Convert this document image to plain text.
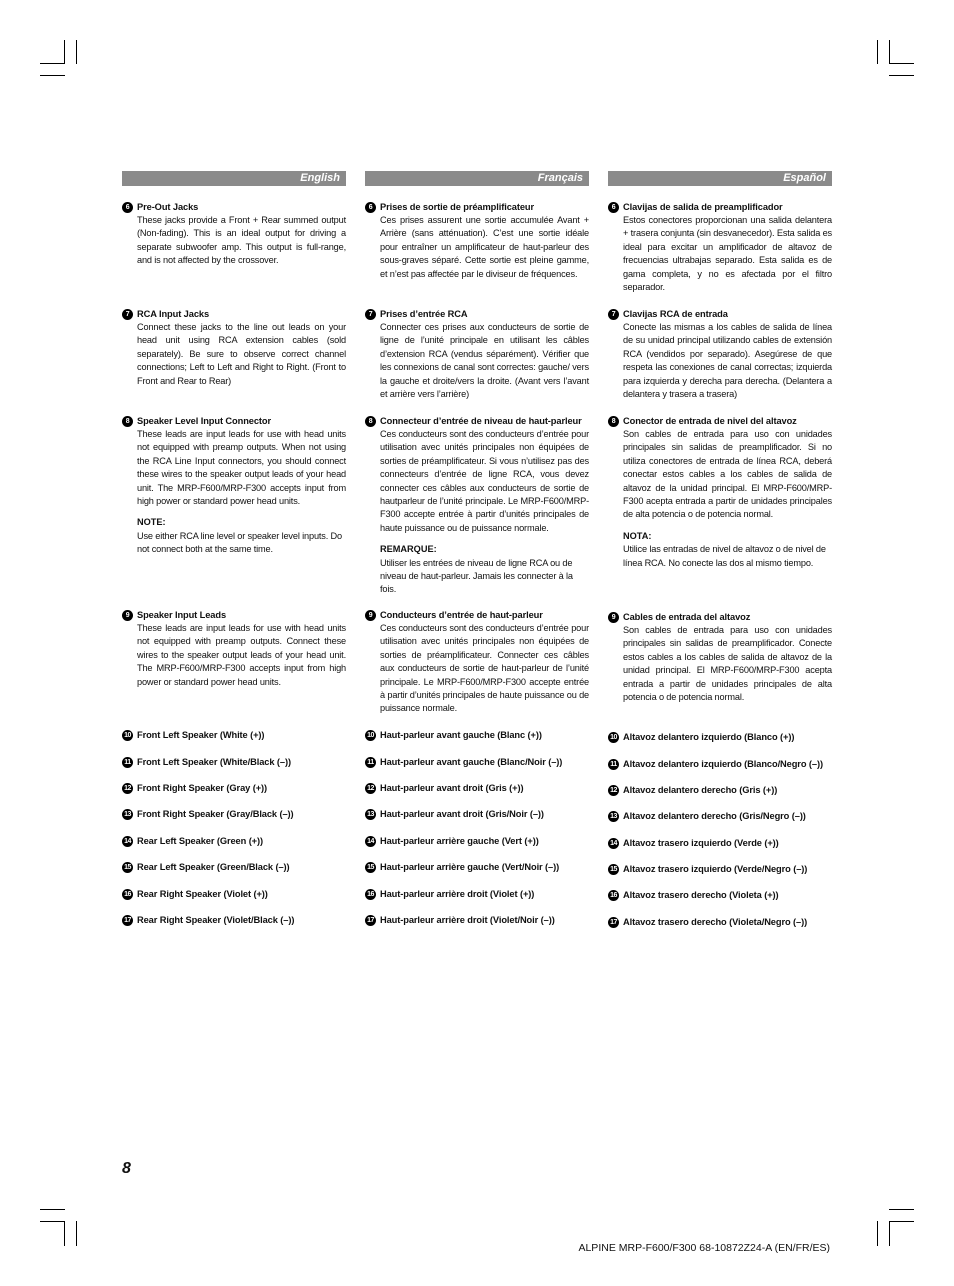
English
6 Pre-Out Jacks
These jacks provide a Front + Rear summed output (Non-fading). This is an ideal output for driving a separate subwoofer amp. This output is full-range, and is not affected by the crossover.
7 RCA Input Jacks
Connect these jacks to the line out leads on your head unit using RCA extension cables (sold separately). Be sure to observe correct channel connections; Left to Left and Right to Right. (Front to Front and Rear to Rear)
8 Speaker Level Input Connector
These leads are input leads for use with head units not equipped with preamp outputs. When not using the RCA Line Input connectors, you should connect these wires to the speaker output leads of your head unit. The MRP-F600/MRP-F300 accepts input from high power or standard power head units.
NOTE:
Use either RCA line level or speaker level inputs. Do not connect both at the same time.
9 Speaker Input Leads
These leads are input leads for use with head units not equipped with preamp outputs. Connect these wires to the speaker output leads of your head unit. The MRP-F600/MRP-F300 accepts input from high power or standard power head units.
10 Front Left Speaker (White (+))
11 Front Left Speaker (White/Black (–))
12 Front Right Speaker (Gray (+))
13 Front Right Speaker (Gray/Black (–))
14 Rear Left Speaker (Green (+))
15 Rear Left Speaker (Green/Black (–))
16 Rear Right Speaker (Violet (+))
17 Rear Right Speaker (Violet/Black (–))
Français
6 Prises de sortie de préamplificateur
Ces prises assurent une sortie accumulée Avant + Arrière (sans atténuation). C’est une sortie idéale pour entraîner un amplificateur de haut-parleur des sous-graves séparé. Cette sortie est pleine gamme, et n’est pas affectée par le diviseur de fréquences.
7 Prises d’entrée RCA
Connecter ces prises aux conducteurs de sortie de ligne de l’unité principale en utilisant les câbles d’extension RCA (vendus séparément). Vérifier que les connexions de canal sont correctes: gauche/ vers la gauche et droite/vers la droite. (Avant vers l’avant et arrière vers l’arrière)
8 Connecteur d’entrée de niveau de haut-parleur
Ces conducteurs sont des conducteurs d’entrée pour utilisation avec unités principales non équipées de sorties de préamplificateur. Si vous n’utilisez pas des connecteurs d’entrée de ligne RCA, vous devez connecter ces câbles aux conducteurs de sortie de hautparleur de l’unité principale. Le MRP-F600/MRP-F300 accepte entrée à partir d’unités principales de haute puissance ou de puissance normale.
REMARQUE:
Utiliser les entrées de niveau de ligne RCA ou de niveau de haut-parleur. Jamais les connecter à la fois.
9 Conducteurs d’entrée de haut-parleur
Ces conducteurs sont des conducteurs d’entrée pour utilisation avec unités principales non équipées de sorties de préamplificateur. Connecter ces câbles aux conducteurs de sortie de haut-parleur de l’unité principale. Le MRP-F600/MRP-F300 accepte entrée à partir d’unités principales de haute puissance ou de puissance normale.
10 Haut-parleur avant gauche (Blanc (+))
11 Haut-parleur avant gauche (Blanc/Noir (–))
12 Haut-parleur avant droit (Gris (+))
13 Haut-parleur avant droit (Gris/Noir (–))
14 Haut-parleur arrière gauche (Vert (+))
15 Haut-parleur arrière gauche (Vert/Noir (–))
16 Haut-parleur arrière droit (Violet (+))
17 Haut-parleur arrière droit (Violet/Noir (–))
Español
6 Clavijas de salida de preamplificador
Estos conectores proporcionan una salida delantera + trasera conjunta (sin desvanecedor). Esta salida es ideal para excitar un amplificador de altavoz de frecuencias ultrabajas separado. Esta salida es de gama completa, y no es afectada por el filtro separador.
7 Clavijas RCA de entrada
Conecte las mismas a los cables de salida de línea de su unidad principal utilizando cables de extensión RCA (vendidos por separado). Asegúrese de que respeta las conexiones de canal correctas; izquierda para izquierda y derecha para derecha. (Delantera a delantera y trasera a trasera)
8 Conector de entrada de nivel del altavoz
Son cables de entrada para uso con unidades principales sin salidas de preamplificador. Si no utiliza conectores de entrada de línea RCA, deberá conectar estos cables a los cables de salida de altavoz de la unidad principal. El MRP-F600/MRP-F300 acepta entrada a partir de unidades principales de alta potencia o de potencia normal.
NOTA:
Utilice las entradas de nivel de altavoz o de nivel de línea RCA. No conecte las dos al mismo tiempo.
9 Cables de entrada del altavoz
Son cables de entrada para uso con unidades principales sin salidas de preamplificador. Conecte estos cables a los cables de salida de altavoz de la unidad principal. El MRP-F600/MRP-F300 acepta entrada a partir de unidades principales de alta potencia o de potencia normal.
10 Altavoz delantero izquierdo (Blanco (+))
11 Altavoz delantero izquierdo (Blanco/Negro (–))
12 Altavoz delantero derecho (Gris (+))
13 Altavoz delantero derecho (Gris/Negro (–))
14 Altavoz trasero izquierdo (Verde (+))
15 Altavoz trasero izquierdo (Verde/Negro (–))
16 Altavoz trasero derecho (Violeta (+))
17 Altavoz trasero derecho (Violeta/Negro (–))
8
ALPINE MRP-F600/F300 68-10872Z24-A (EN/FR/ES)
